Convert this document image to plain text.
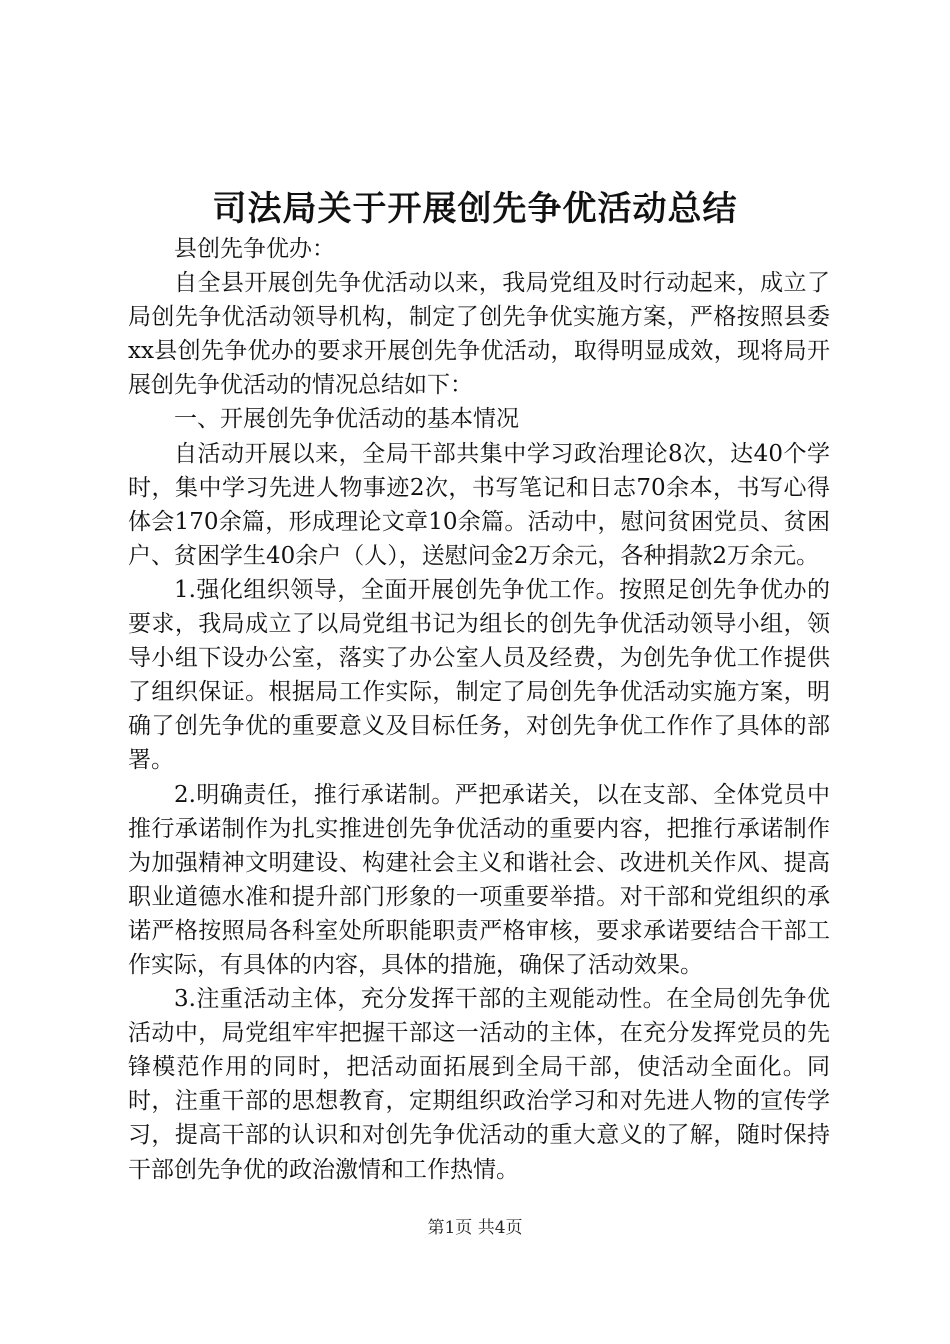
司法局关于开展创先争优活动总结

县创先争优办：

自全县开展创先争优活动以来，我局党组及时行动起来，成立了局创先争优活动领导机构，制定了创先争优实施方案，严格按照县委xx县创先争优办的要求开展创先争优活动，取得明显成效，现将局开展创先争优活动的情况总结如下：

一、开展创先争优活动的基本情况

自活动开展以来，全局干部共集中学习政治理论8次，达40个学时，集中学习先进人物事迹2次，书写笔记和日志70余本，书写心得体会170余篇，形成理论文章10余篇。活动中，慰问贫困党员、贫困户、贫困学生40余户（人），送慰问金2万余元，各种捐款2万余元。

1.强化组织领导，全面开展创先争优工作。按照足创先争优办的要求，我局成立了以局党组书记为组长的创先争优活动领导小组，领导小组下设办公室，落实了办公室人员及经费，为创先争优工作提供了组织保证。根据局工作实际，制定了局创先争优活动实施方案，明确了创先争优的重要意义及目标任务，对创先争优工作作了具体的部署。

2.明确责任，推行承诺制。严把承诺关，以在支部、全体党员中推行承诺制作为扎实推进创先争优活动的重要内容，把推行承诺制作为加强精神文明建设、构建社会主义和谐社会、改进机关作风、提高职业道德水准和提升部门形象的一项重要举措。对干部和党组织的承诺严格按照局各科室处所职能职责严格审核，要求承诺要结合干部工作实际，有具体的内容，具体的措施，确保了活动效果。

3.注重活动主体，充分发挥干部的主观能动性。在全局创先争优活动中，局党组牢牢把握干部这一活动的主体，在充分发挥党员的先锋模范作用的同时，把活动面拓展到全局干部，使活动全面化。同时，注重干部的思想教育，定期组织政治学习和对先进人物的宣传学习，提高干部的认识和对创先争优活动的重大意义的了解，随时保持干部创先争优的政治激情和工作热情。

第1页 共4页
